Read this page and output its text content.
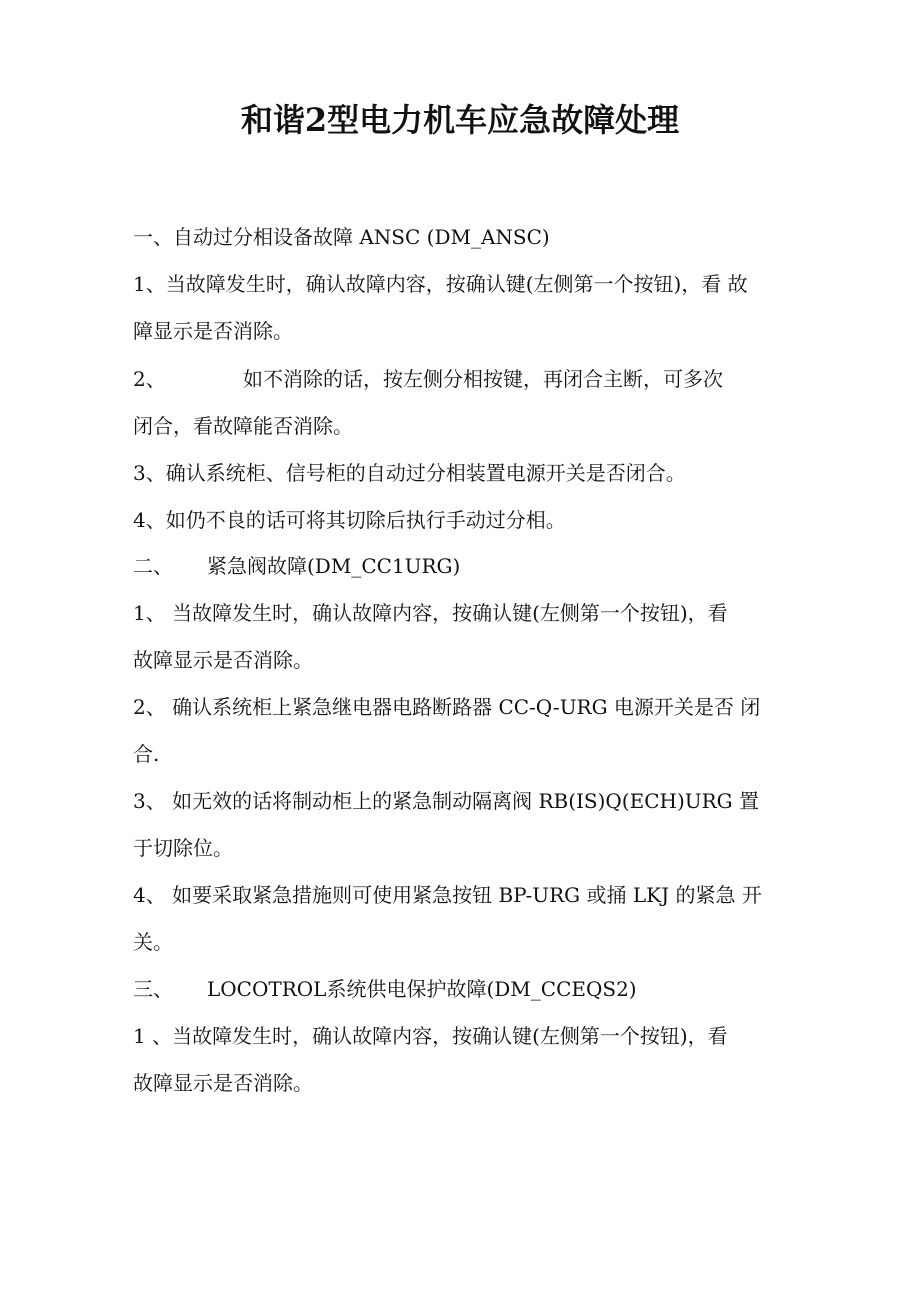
和谐2型电力机车应急故障处理
一、自动过分相设备故障 ANSC (DM_ANSC)
1、当故障发生时，确认故障内容，按确认键(左侧第一个按钮)，看 故
障显示是否消除。
2、	如不消除的话，按左侧分相按键，再闭合主断，可多次
闭合，看故障能否消除。
3、确认系统柜、信号柜的自动过分相装置电源开关是否闭合。
4、如仍不良的话可将其切除后执行手动过分相。
二、 紧急阀故障(DM_CC1URG)
1、 当故障发生时，确认故障内容，按确认键(左侧第一个按钮)，看
故障显示是否消除。
2、 确认系统柜上紧急继电器电路断路器 CC-Q-URG 电源开关是否 闭
合.
3、 如无效的话将制动柜上的紧急制动隔离阀 RB(IS)Q(ECH)URG 置
于切除位。
4、 如要采取紧急措施则可使用紧急按钮 BP-URG 或捅 LKJ 的紧急 开
关。
三、 LOCOTROL系统供电保护故障(DM_CCEQS2)
1 、当故障发生时，确认故障内容，按确认键(左侧第一个按钮)，看
故障显示是否消除。
